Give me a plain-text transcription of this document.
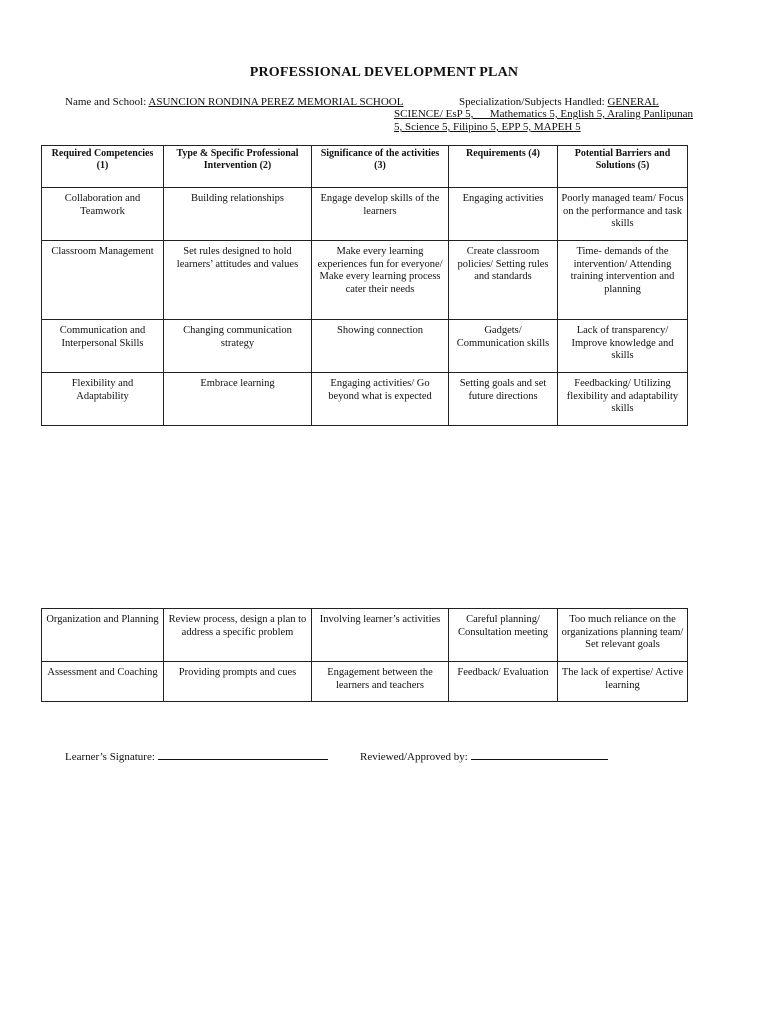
PROFESSIONAL DEVELOPMENT PLAN
Name and School: ASUNCION RONDINA PEREZ MEMORIAL SCHOOL	Specialization/Subjects Handled: GENERAL
SCIENCE/ EsP 5,      Mathematics 5, English 5, Araling Panlipunan
5, Science 5, Filipino 5, EPP 5, MAPEH 5
Required Competencies (1)	Type & Specific Professional Intervention (2)	Significance of the activities (3)	Requirements (4)	Potential Barriers and Solutions (5)
Collaboration and Teamwork	Building relationships	Engage develop skills of the learners	Engaging activities	Poorly managed team/ Focus on the performance and task skills
Classroom Management	Set rules designed to hold learners’ attitudes and values	Make every learning experiences fun for everyone/ Make every learning process cater their needs	Create classroom policies/ Setting rules and standards	Time- demands of the intervention/ Attending training intervention and planning
Communication and Interpersonal Skills	Changing communication strategy	Showing connection	Gadgets/ Communication skills	Lack of transparency/ Improve knowledge and skills
Flexibility and Adaptability	Embrace learning	Engaging activities/ Go beyond what is expected	Setting goals and set future directions	Feedbacking/ Utilizing flexibility and adaptability skills
Organization and Planning	Review process, design a plan to address a specific problem	Involving learner’s activities	Careful planning/ Consultation meeting	Too much reliance on the organizations planning team/ Set relevant goals
Assessment and Coaching	Providing prompts and cues	Engagement between the learners and teachers	Feedback/ Evaluation	The lack of expertise/ Active learning
Learner’s Signature:	Reviewed/Approved by:
